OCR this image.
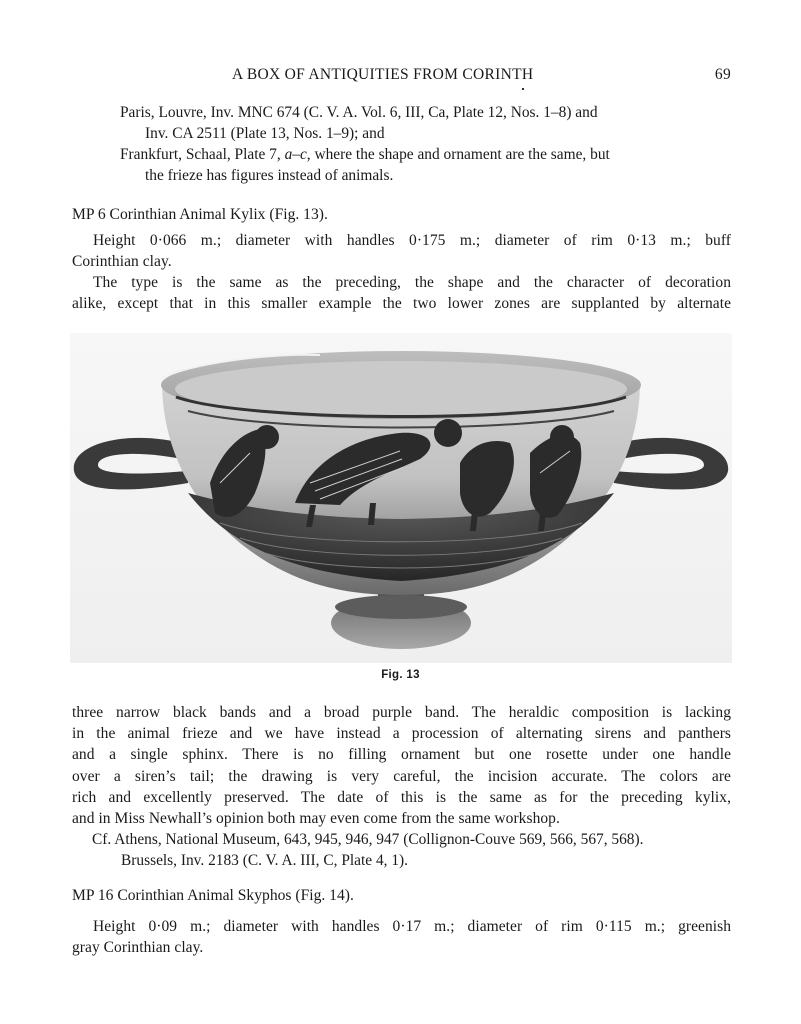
A BOX OF ANTIQUITIES FROM CORINTH	69
Paris, Louvre, Inv. MNC 674 (C. V. A. Vol. 6, III, Ca, Plate 12, Nos. 1–8) and
Inv. CA 2511 (Plate 13, Nos. 1–9); and
Frankfurt, Schaal, Plate 7, a–c, where the shape and ornament are the same, but
the frieze has figures instead of animals.
MP 6 Corinthian Animal Kylix (Fig. 13).
Height 0·066 m.; diameter with handles 0·175 m.; diameter of rim 0·13 m.; buff
Corinthian clay.
The type is the same as the preceding, the shape and the character of decoration
alike, except that in this smaller example the two lower zones are supplanted by alternate
Fig. 13
three narrow black bands and a broad purple band. The heraldic composition is lacking
in the animal frieze and we have instead a procession of alternating sirens and panthers
and a single sphinx. There is no filling ornament but one rosette under one handle
over a siren’s tail; the drawing is very careful, the incision accurate. The colors are
rich and excellently preserved. The date of this is the same as for the preceding kylix,
and in Miss Newhall’s opinion both may even come from the same workshop.
Cf. Athens, National Museum, 643, 945, 946, 947 (Collignon-Couve 569, 566, 567, 568).
Brussels, Inv. 2183 (C. V. A. III, C, Plate 4, 1).
MP 16 Corinthian Animal Skyphos (Fig. 14).
Height 0·09 m.; diameter with handles 0·17 m.; diameter of rim 0·115 m.; greenish
gray Corinthian clay.
